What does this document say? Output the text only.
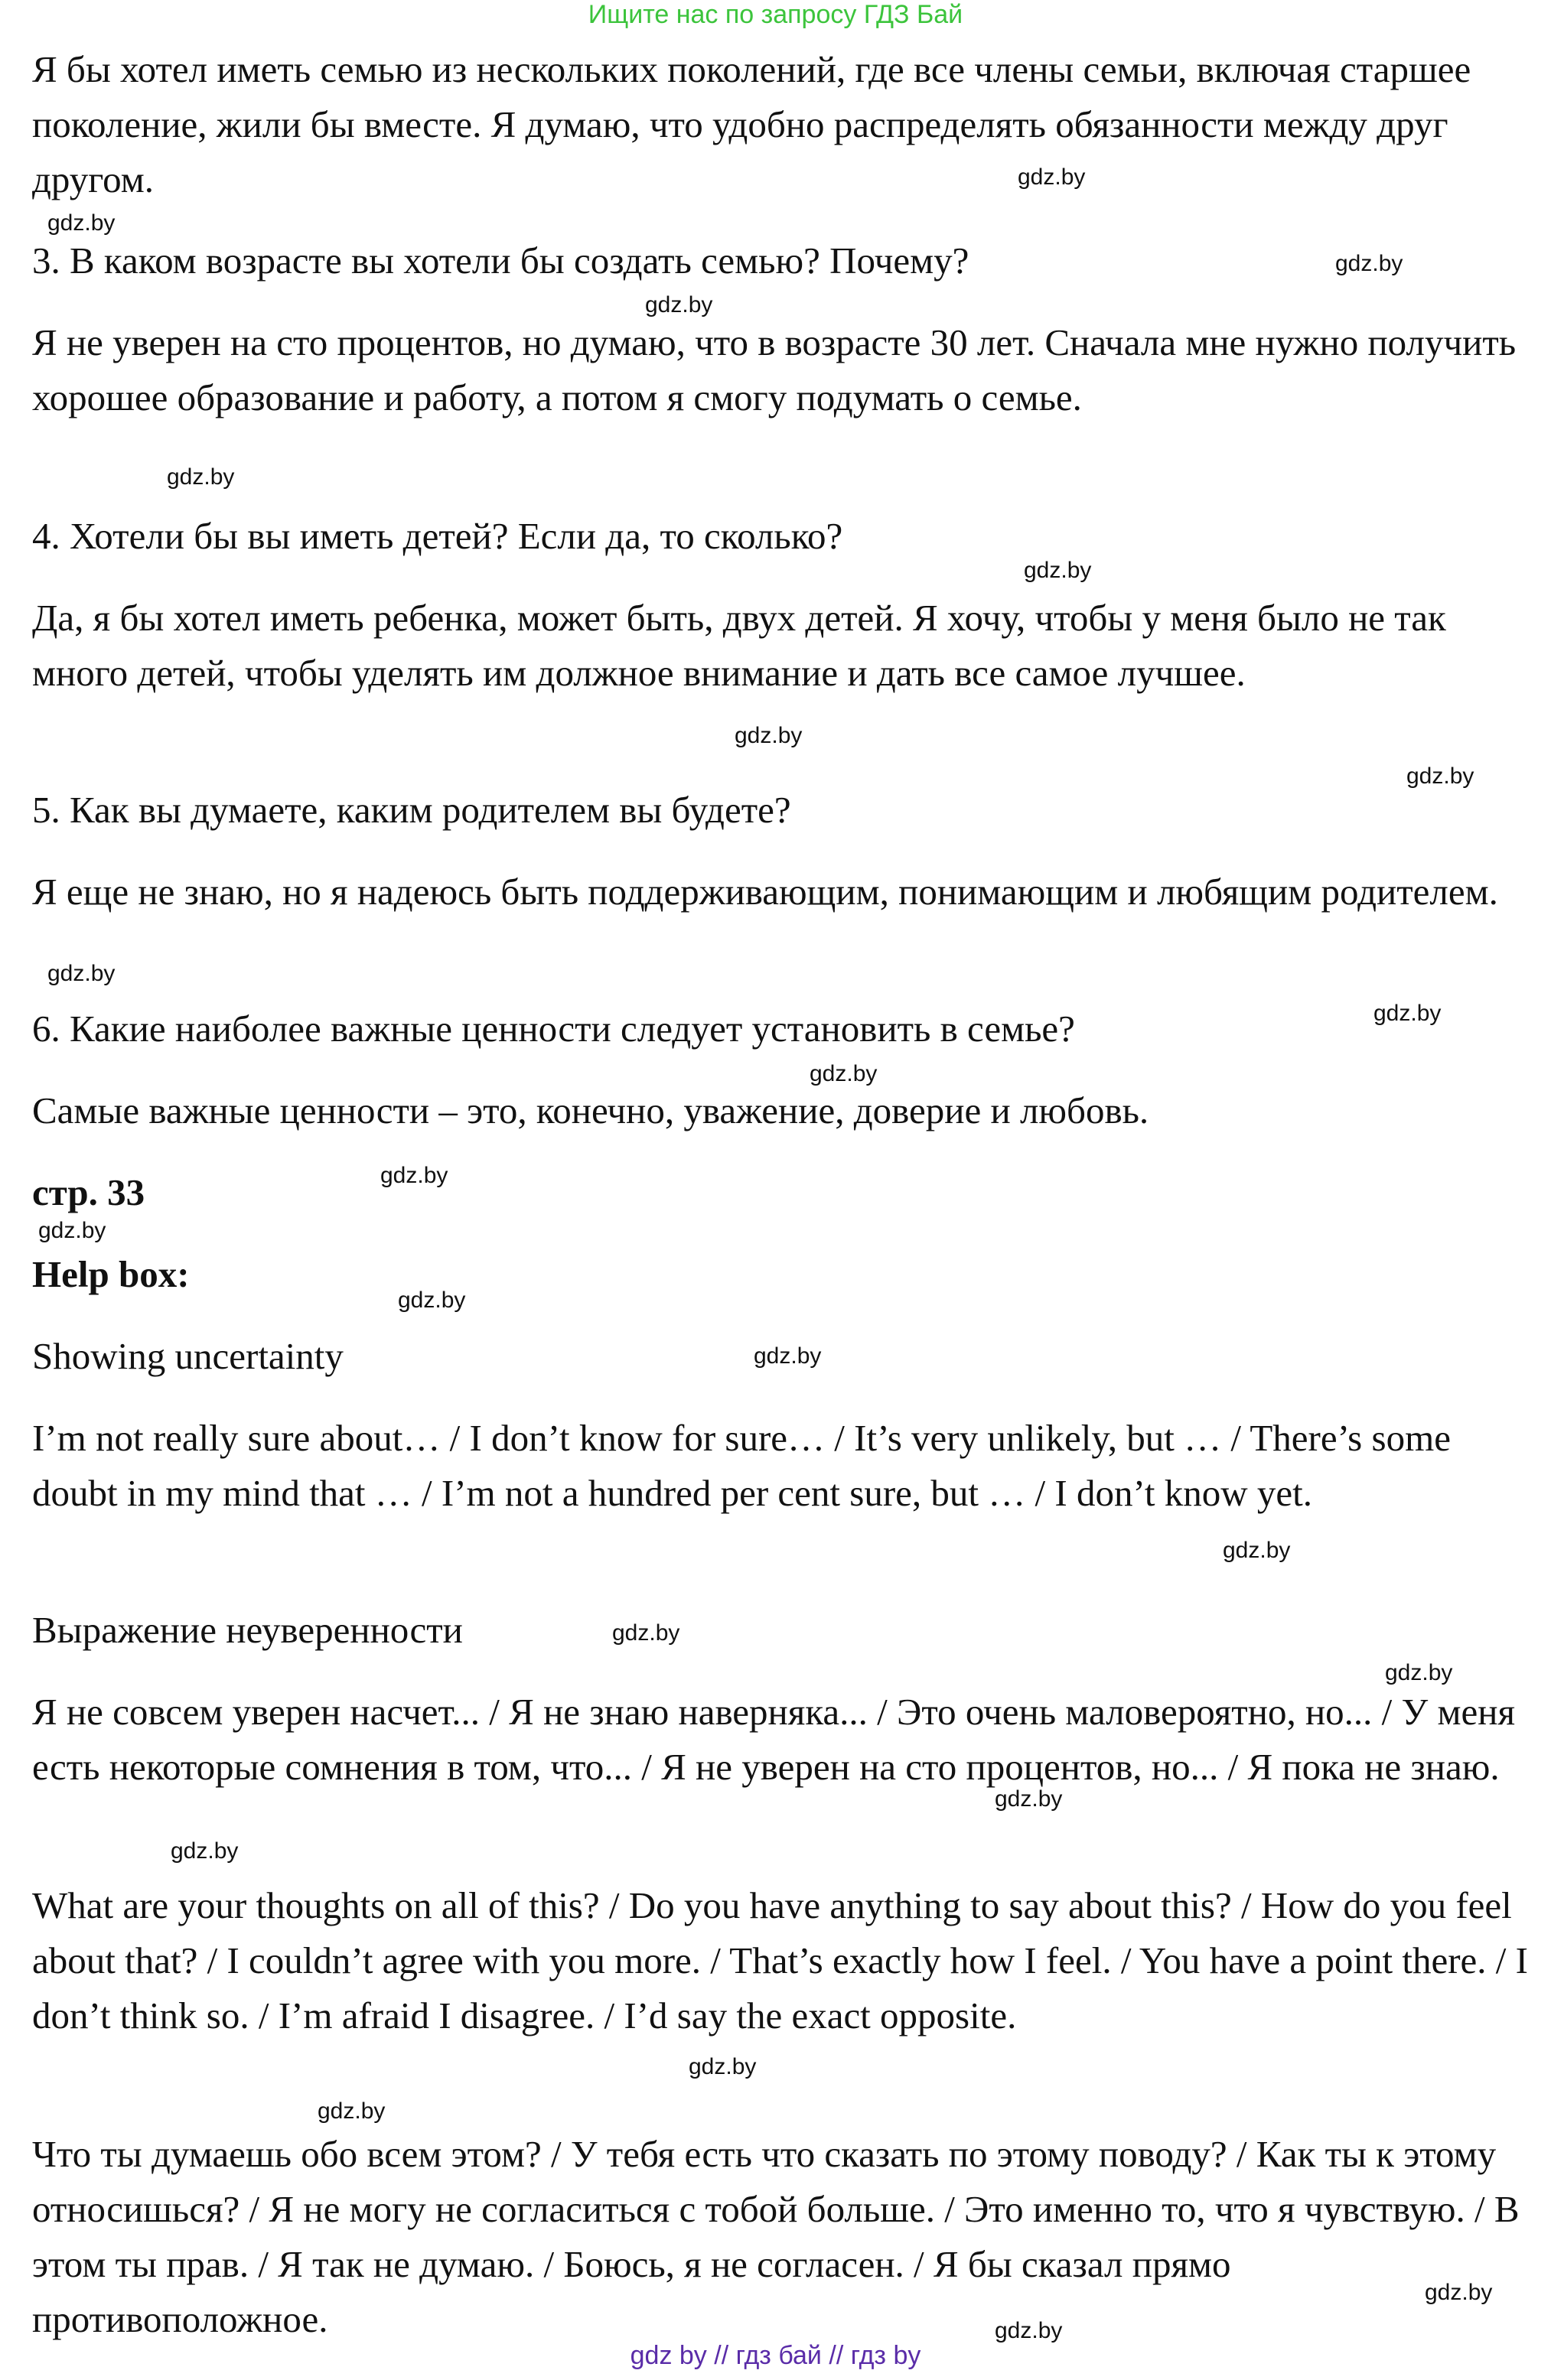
Ищите нас по запросу ГДЗ Бай

Я бы хотел иметь семью из нескольких поколений, где все члены семьи, включая старшее поколение, жили бы вместе. Я думаю, что удобно распределять обязанности между друг другом.

3. В каком возрасте вы хотели бы создать семью? Почему?

Я не уверен на сто процентов, но думаю, что в возрасте 30 лет. Сначала мне нужно получить хорошее образование и работу, а потом я смогу подумать о семье.

4. Хотели бы вы иметь детей? Если да, то сколько?

Да, я бы хотел иметь ребенка, может быть, двух детей. Я хочу, чтобы у меня было не так много детей, чтобы уделять им должное внимание и дать все самое лучшее.

5. Как вы думаете, каким родителем вы будете?

Я еще не знаю, но я надеюсь быть поддерживающим, понимающим и любящим родителем.

6. Какие наиболее важные ценности следует установить в семье?

Самые важные ценности – это, конечно, уважение, доверие и любовь.

стр. 33

Help box:

Showing uncertainty

I’m not really sure about… / I don’t know for sure… / It’s very unlikely, but … / There’s some doubt in my mind that … / I’m not a hundred per cent sure, but … / I don’t know yet.

Выражение неуверенности

Я не совсем уверен насчет... / Я не знаю наверняка... / Это очень маловероятно, но... / У меня есть некоторые сомнения в том, что... / Я не уверен на сто процентов, но... / Я пока не знаю.

What are your thoughts on all of this? / Do you have anything to say about this? / How do you feel about that? / I couldn’t agree with you more. / That’s exactly how I feel. / You have a point there. / I don’t think so. / I’m afraid I disagree. / I’d say the exact opposite.

Что ты думаешь обо всем этом? / У тебя есть что сказать по этому поводу? / Как ты к этому относишься? / Я не могу не согласиться с тобой больше. / Это именно то, что я чувствую. / В этом ты прав. / Я так не думаю. / Боюсь, я не согласен. / Я бы сказал прямо противоположное.

gdz.by
gdz.by
gdz.by
gdz.by
gdz.by
gdz.by
gdz.by
gdz.by
gdz.by
gdz.by
gdz.by
gdz.by
gdz.by
gdz.by
gdz.by
gdz.by
gdz.by
gdz.by
gdz.by
gdz.by
gdz.by
gdz.by
gdz.by
gdz.by
gdz by // гдз бай // гдз by
